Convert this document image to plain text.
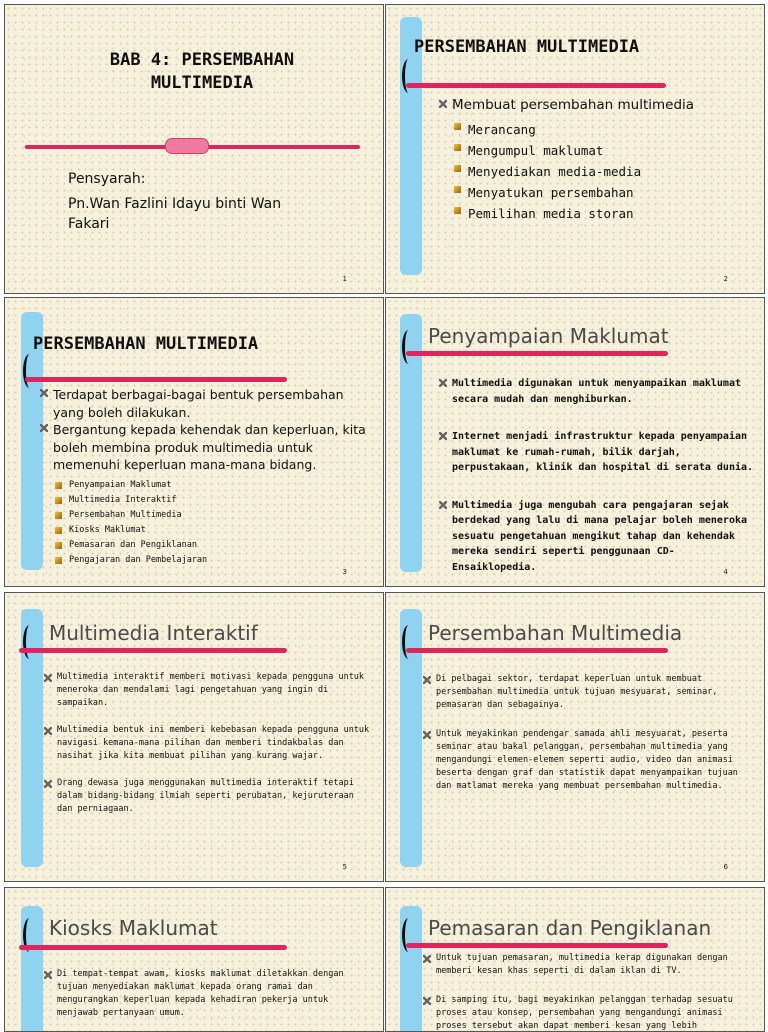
BAB 4: PERSEMBAHAN MULTIMEDIA
Pensyarah:
Pn.Wan Fazlini Idayu binti Wan Fakari
1
PERSEMBAHAN MULTIMEDIA
Membuat persembahan multimedia
Merancang
Mengumpul maklumat
Menyediakan media-media
Menyatukan persembahan
Pemilihan media storan
2
PERSEMBAHAN MULTIMEDIA
Terdapat berbagai-bagai bentuk persembahan yang boleh dilakukan.
Bergantung kepada kehendak dan keperluan, kita boleh membina produk multimedia untuk memenuhi keperluan mana-mana bidang.
Penyampaian Maklumat
Multimedia Interaktif
Persembahan Multimedia
Kiosks Maklumat
Pemasaran dan Pengiklanan
Pengajaran dan Pembelajaran
3
Penyampaian Maklumat
Multimedia digunakan untuk menyampaikan maklumat secara mudah dan menghiburkan.
Internet menjadi infrastruktur kepada penyampaian maklumat ke rumah-rumah, bilik darjah, perpustakaan, klinik dan hospital di serata dunia.
Multimedia juga mengubah cara pengajaran sejak berdekad yang lalu di mana pelajar boleh meneroka sesuatu pengetahuan mengikut tahap dan kehendak mereka sendiri seperti penggunaan CD-Ensaiklopedia.	4
Multimedia Interaktif
Multimedia interaktif memberi motivasi kepada pengguna untuk meneroka dan mendalami lagi pengetahuan yang ingin di sampaikan.
Multimedia bentuk ini memberi kebebasan kepada pengguna untuk navigasi kemana-mana pilihan dan memberi tindakbalas dan nasihat jika kita membuat pilihan yang kurang wajar.
Orang dewasa juga menggunakan multimedia interaktif tetapi dalam bidang-bidang ilmiah seperti perubatan, kejuruteraan dan perniagaan.
5
Persembahan Multimedia
Di pelbagai sektor, terdapat keperluan untuk membuat persembahan multimedia untuk tujuan mesyuarat, seminar, pemasaran dan sebagainya.
Untuk meyakinkan pendengar samada ahli mesyuarat, peserta seminar atau bakal pelanggan, persembahan multimedia yang mengandungi elemen-elemen seperti audio, video dan animasi beserta dengan graf dan statistik dapat menyampaikan tujuan dan matlamat mereka yang membuat persembahan multimedia.
6
Kiosks Maklumat
Di tempat-tempat awam, kiosks maklumat diletakkan dengan tujuan menyediakan maklumat kepada orang ramai dan mengurangkan keperluan kepada kehadiran pekerja untuk menjawab pertanyaan umum.
Pemasaran dan Pengiklanan
Untuk tujuan pemasaran, multimedia kerap digunakan dengan memberi kesan khas seperti di dalam iklan di TV.
Di samping itu, bagi meyakinkan pelanggan terhadap sesuatu proses atau konsep, persembahan yang mengandungi animasi proses tersebut akan dapat memberi kesan yang lebih
